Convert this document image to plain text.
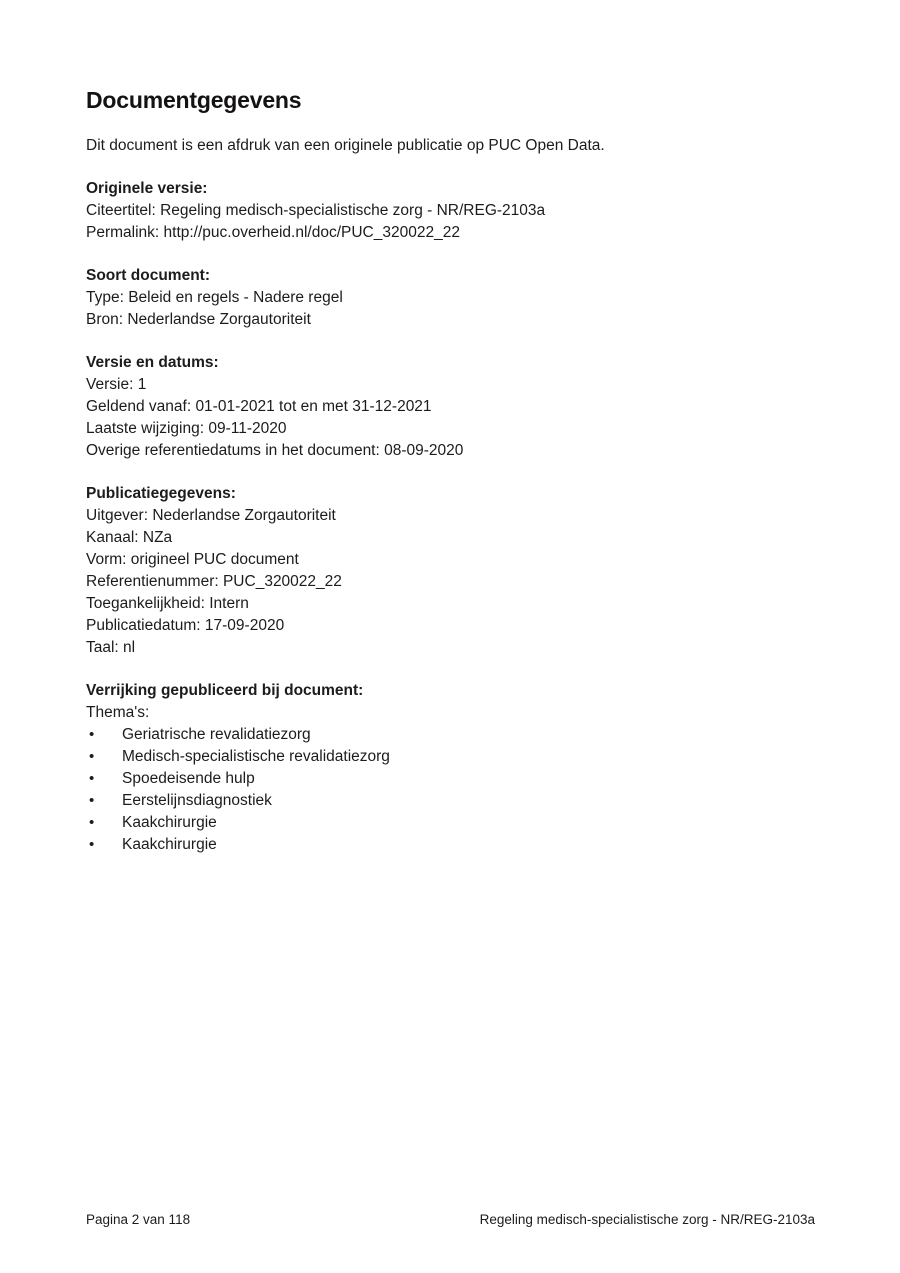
Documentgegevens

Dit document is een afdruk van een originele publicatie op PUC Open Data.

Originele versie:
Citeertitel: Regeling medisch-specialistische zorg - NR/REG-2103a
Permalink: http://puc.overheid.nl/doc/PUC_320022_22
Soort document:
Type: Beleid en regels - Nadere regel
Bron: Nederlandse Zorgautoriteit
Versie en datums:
Versie: 1
Geldend vanaf: 01-01-2021 tot en met 31-12-2021
Laatste wijziging: 09-11-2020
Overige referentiedatums in het document: 08-09-2020
Publicatiegegevens:
Uitgever: Nederlandse Zorgautoriteit
Kanaal: NZa
Vorm: origineel PUC document
Referentienummer: PUC_320022_22
Toegankelijkheid: Intern
Publicatiedatum: 17-09-2020
Taal: nl
Verrijking gepubliceerd bij document:
Thema's:
•	Geriatrische revalidatiezorg
•	Medisch-specialistische revalidatiezorg
•	Spoedeisende hulp
•	Eerstelijnsdiagnostiek
•	Kaakchirurgie
•	Kaakchirurgie
Pagina 2 van 118	Regeling medisch-specialistische zorg - NR/REG-2103a
